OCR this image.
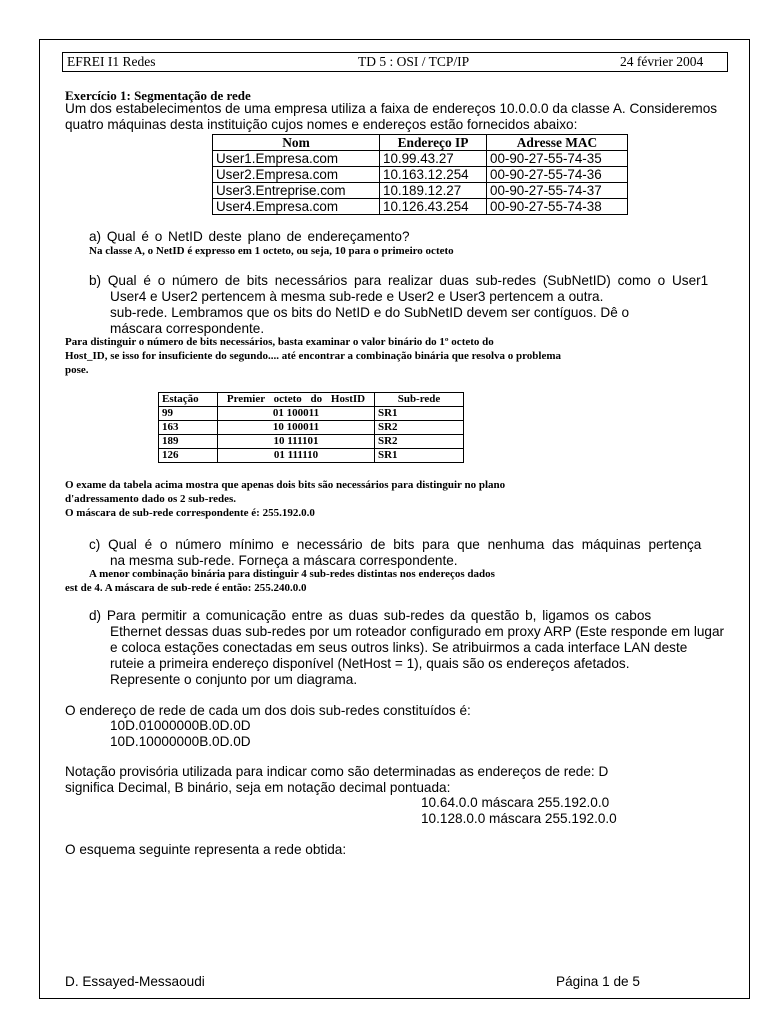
EFREI I1 Redes	TD 5 : OSI / TCP/IP	24 février 2004
Exercício 1: Segmentação de rede
Um dos estabelecimentos de uma empresa utiliza a faixa de endereços 10.0.0.0 da classe A. Consideremos
quatro máquinas desta instituição cujos nomes e endereços estão fornecidos abaixo:
Nom	Endereço IP	Adresse MAC
User1.Empresa.com	10.99.43.27	00-90-27-55-74-35
User2.Empresa.com	10.163.12.254	00-90-27-55-74-36
User3.Entreprise.com	10.189.12.27	00-90-27-55-74-37
User4.Empresa.com	10.126.43.254	00-90-27-55-74-38
a) Qual é o NetID deste plano de endereçamento?
Na classe A, o NetID é expresso em 1 octeto, ou seja, 10 para o primeiro octeto
b) Qual é o número de bits necessários para realizar duas sub-redes (SubNetID) como o User1
User4 e User2 pertencem à mesma sub-rede e User2 e User3 pertencem a outra.
sub-rede. Lembramos que os bits do NetID e do SubNetID devem ser contíguos. Dê o
máscara correspondente.
Para distinguir o número de bits necessários, basta examinar o valor binário do 1º octeto do
Host_ID, se isso for insuficiente do segundo.... até encontrar a combinação binária que resolva o problema
pose.
Estação	Premier octeto do HostID	Sub-rede
99	01 100011	SR1
163	10 100011	SR2
189	10 111101	SR2
126	01 111110	SR1
O exame da tabela acima mostra que apenas dois bits são necessários para distinguir no plano
d'adressamento dado os 2 sub-redes.
O máscara de sub-rede correspondente é: 255.192.0.0
c) Qual é o número mínimo e necessário de bits para que nenhuma das máquinas pertença
na mesma sub-rede. Forneça a máscara correspondente.
A menor combinação binária para distinguir 4 sub-redes distintas nos endereços dados
est de 4. A máscara de sub-rede é então: 255.240.0.0
d) Para permitir a comunicação entre as duas sub-redes da questão b, ligamos os cabos
Ethernet dessas duas sub-redes por um roteador configurado em proxy ARP (Este responde em lugar
e coloca estações conectadas em seus outros links). Se atribuirmos a cada interface LAN deste
ruteie a primeira endereço disponível (NetHost = 1), quais são os endereços afetados.
Represente o conjunto por um diagrama.
O endereço de rede de cada um dos dois sub-redes constituídos é:
10D.01000000B.0D.0D
10D.10000000B.0D.0D
Notação provisória utilizada para indicar como são determinadas as endereços de rede: D
significa Decimal, B binário, seja em notação decimal pontuada:
10.64.0.0 máscara 255.192.0.0
10.128.0.0 máscara 255.192.0.0
O esquema seguinte representa a rede obtida:
D. Essayed-Messaoudi	Página 1 de 5
